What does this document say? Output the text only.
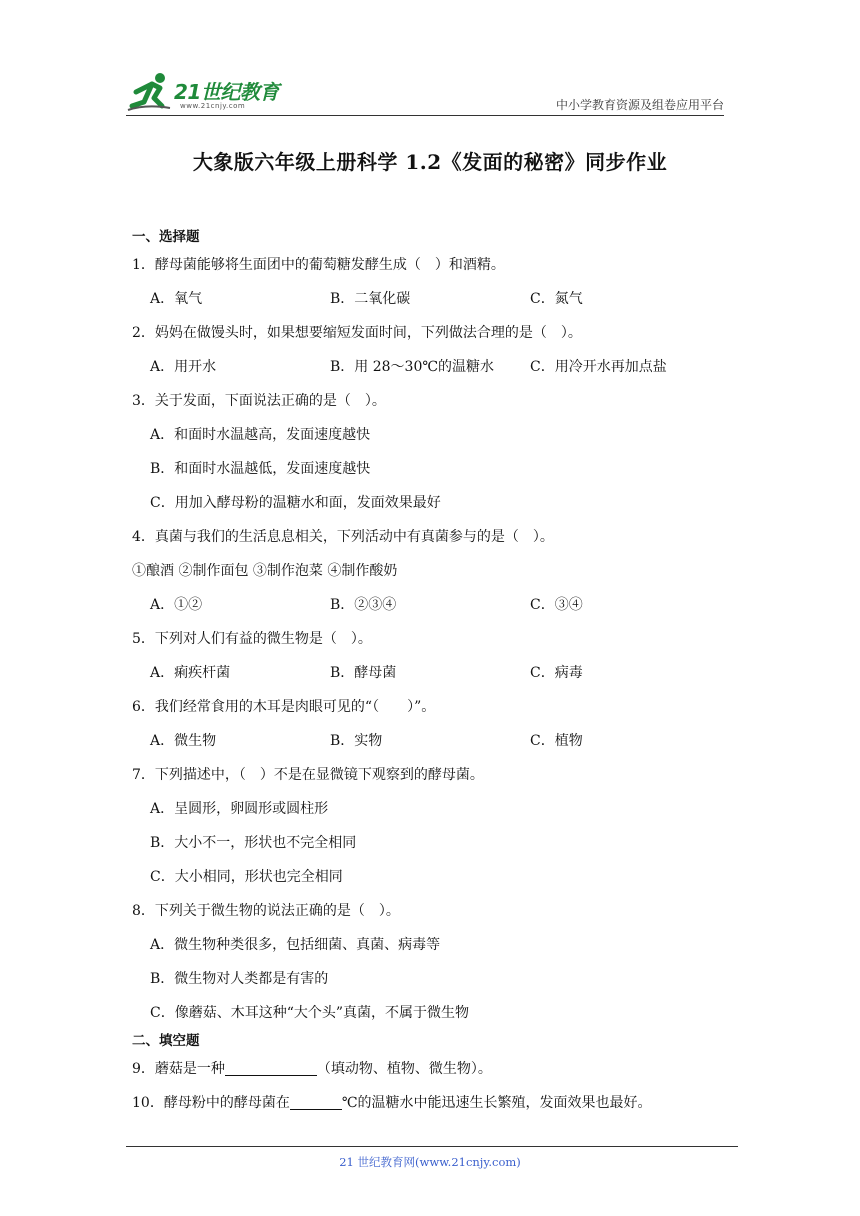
21世纪教育
www.21cnjy.com	中小学教育资源及组卷应用平台
大象版六年级上册科学 1.2《发面的秘密》同步作业
一、选择题
1．酵母菌能够将生面团中的葡萄糖发酵生成（　）和酒精。
A．氧气	B．二氧化碳	C．氮气
2．妈妈在做馒头时，如果想要缩短发面时间，下列做法合理的是（　）。
A．用开水	B．用 28～30℃的温糖水	C．用冷开水再加点盐
3．关于发面，下面说法正确的是（　）。
A．和面时水温越高，发面速度越快
B．和面时水温越低，发面速度越快
C．用加入酵母粉的温糖水和面，发面效果最好
4．真菌与我们的生活息息相关，下列活动中有真菌参与的是（　）。
①酿酒 ②制作面包 ③制作泡菜 ④制作酸奶
A．①②	B．②③④	C．③④
5．下列对人们有益的微生物是（　）。
A．痢疾杆菌	B．酵母菌	C．病毒
6．我们经常食用的木耳是肉眼可见的“（　　）”。
A．微生物	B．实物	C．植物
7．下列描述中，（　）不是在显微镜下观察到的酵母菌。
A．呈圆形，卵圆形或圆柱形
B．大小不一，形状也不完全相同
C．大小相同，形状也完全相同
8．下列关于微生物的说法正确的是（　）。
A．微生物种类很多，包括细菌、真菌、病毒等
B．微生物对人类都是有害的
C．像蘑菇、木耳这种“大个头”真菌，不属于微生物
二、填空题
9．蘑菇是一种	（填动物、植物、微生物）。
10．酵母粉中的酵母菌在	℃的温糖水中能迅速生长繁殖，发面效果也最好。
21 世纪教育网(www.21cnjy.com)
